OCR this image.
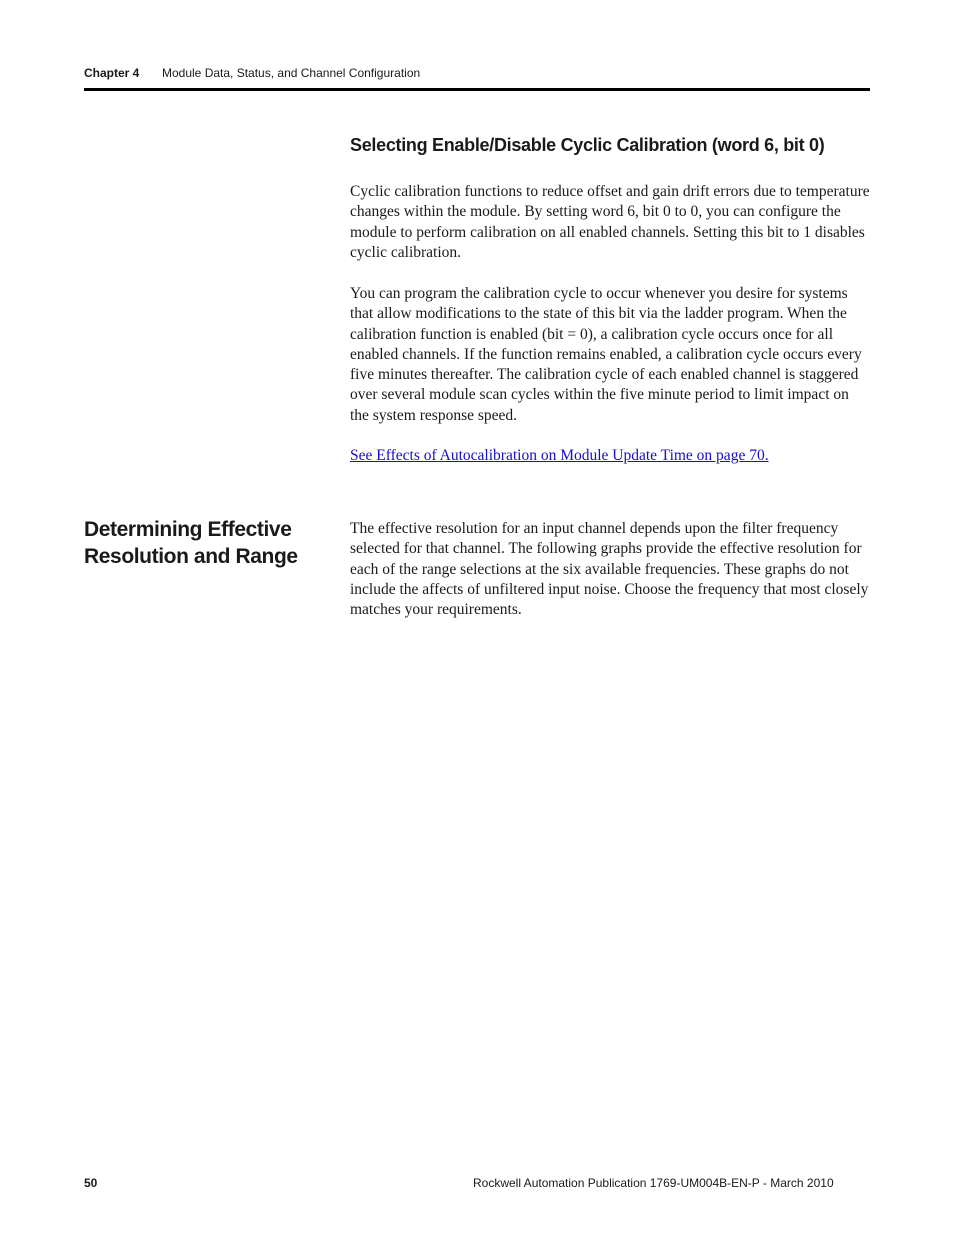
Chapter 4 Module Data, Status, and Channel Configuration
Selecting Enable/Disable Cyclic Calibration (word 6, bit 0)

Cyclic calibration functions to reduce offset and gain drift errors due to temperature changes within the module. By setting word 6, bit 0 to 0, you can configure the module to perform calibration on all enabled channels. Setting this bit to 1 disables cyclic calibration.

You can program the calibration cycle to occur whenever you desire for systems that allow modifications to the state of this bit via the ladder program. When the calibration function is enabled (bit = 0), a calibration cycle occurs once for all enabled channels. If the function remains enabled, a calibration cycle occurs every five minutes thereafter. The calibration cycle of each enabled channel is staggered over several module scan cycles within the five minute period to limit impact on the system response speed.

See Effects of Autocalibration on Module Update Time on page 70.

Determining Effective Resolution and Range

The effective resolution for an input channel depends upon the filter frequency selected for that channel. The following graphs provide the effective resolution for each of the range selections at the six available frequencies. These graphs do not include the affects of unfiltered input noise. Choose the frequency that most closely matches your requirements.

50	Rockwell Automation Publication 1769-UM004B-EN-P - March 2010
